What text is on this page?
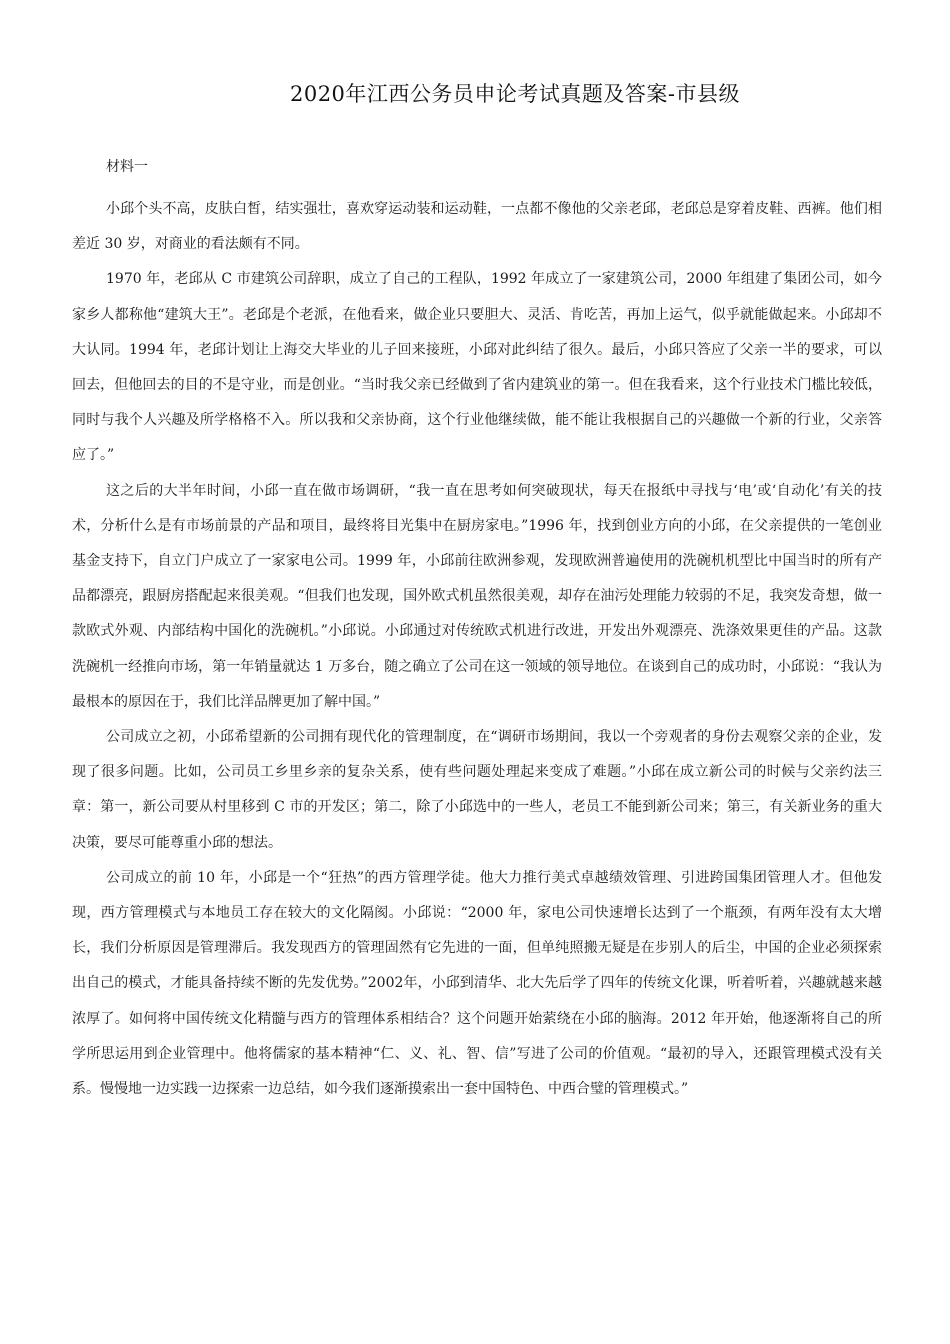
2020年江西公务员申论考试真题及答案-市县级

材料一

小邱个头不高，皮肤白皙，结实强壮，喜欢穿运动装和运动鞋，一点都不像他的父亲老邱，老邱总是穿着皮鞋、西裤。他们相差近 30 岁，对商业的看法颇有不同。

1970 年，老邱从 C 市建筑公司辞职，成立了自己的工程队，1992 年成立了一家建筑公司，2000 年组建了集团公司，如今家乡人都称他“建筑大王”。老邱是个老派，在他看来，做企业只要胆大、灵活、肯吃苦，再加上运气，似乎就能做起来。小邱却不大认同。1994 年，老邱计划让上海交大毕业的儿子回来接班，小邱对此纠结了很久。最后，小邱只答应了父亲一半的要求，可以回去，但他回去的目的不是守业，而是创业。“当时我父亲已经做到了省内建筑业的第一。但在我看来，这个行业技术门槛比较低，同时与我个人兴趣及所学格格不入。所以我和父亲协商，这个行业他继续做，能不能让我根据自己的兴趣做一个新的行业，父亲答应了。”

这之后的大半年时间，小邱一直在做市场调研，“我一直在思考如何突破现状，每天在报纸中寻找与‘电’或‘自动化’有关的技术，分析什么是有市场前景的产品和项目，最终将目光集中在厨房家电。”1996 年，找到创业方向的小邱，在父亲提供的一笔创业基金支持下，自立门户成立了一家家电公司。1999 年，小邱前往欧洲参观，发现欧洲普遍使用的洗碗机机型比中国当时的所有产品都漂亮，跟厨房搭配起来很美观。“但我们也发现，国外欧式机虽然很美观，却存在油污处理能力较弱的不足，我突发奇想，做一款欧式外观、内部结构中国化的洗碗机。”小邱说。小邱通过对传统欧式机进行改进，开发出外观漂亮、洗涤效果更佳的产品。这款洗碗机一经推向市场，第一年销量就达 1 万多台，随之确立了公司在这一领域的领导地位。在谈到自己的成功时，小邱说：“我认为最根本的原因在于，我们比洋品牌更加了解中国。”

公司成立之初，小邱希望新的公司拥有现代化的管理制度，在“调研市场期间，我以一个旁观者的身份去观察父亲的企业，发现了很多问题。比如，公司员工乡里乡亲的复杂关系，使有些问题处理起来变成了难题。”小邱在成立新公司的时候与父亲约法三章：第一，新公司要从村里移到 C 市的开发区；第二，除了小邱选中的一些人，老员工不能到新公司来；第三，有关新业务的重大决策，要尽可能尊重小邱的想法。

公司成立的前 10 年，小邱是一个“狂热”的西方管理学徒。他大力推行美式卓越绩效管理、引进跨国集团管理人才。但他发现，西方管理模式与本地员工存在较大的文化隔阂。小邱说：“2000 年，家电公司快速增长达到了一个瓶颈，有两年没有太大增长，我们分析原因是管理滞后。我发现西方的管理固然有它先进的一面，但单纯照搬无疑是在步别人的后尘，中国的企业必须探索出自己的模式，才能具备持续不断的先发优势。”2002年，小邱到清华、北大先后学了四年的传统文化课，听着听着，兴趣就越来越浓厚了。如何将中国传统文化精髓与西方的管理体系相结合？这个问题开始萦绕在小邱的脑海。2012 年开始，他逐渐将自己的所学所思运用到企业管理中。他将儒家的基本精神“仁、义、礼、智、信”写进了公司的价值观。“最初的导入，还跟管理模式没有关系。慢慢地一边实践一边探索一边总结，如今我们逐渐摸索出一套中国特色、中西合璧的管理模式。”
